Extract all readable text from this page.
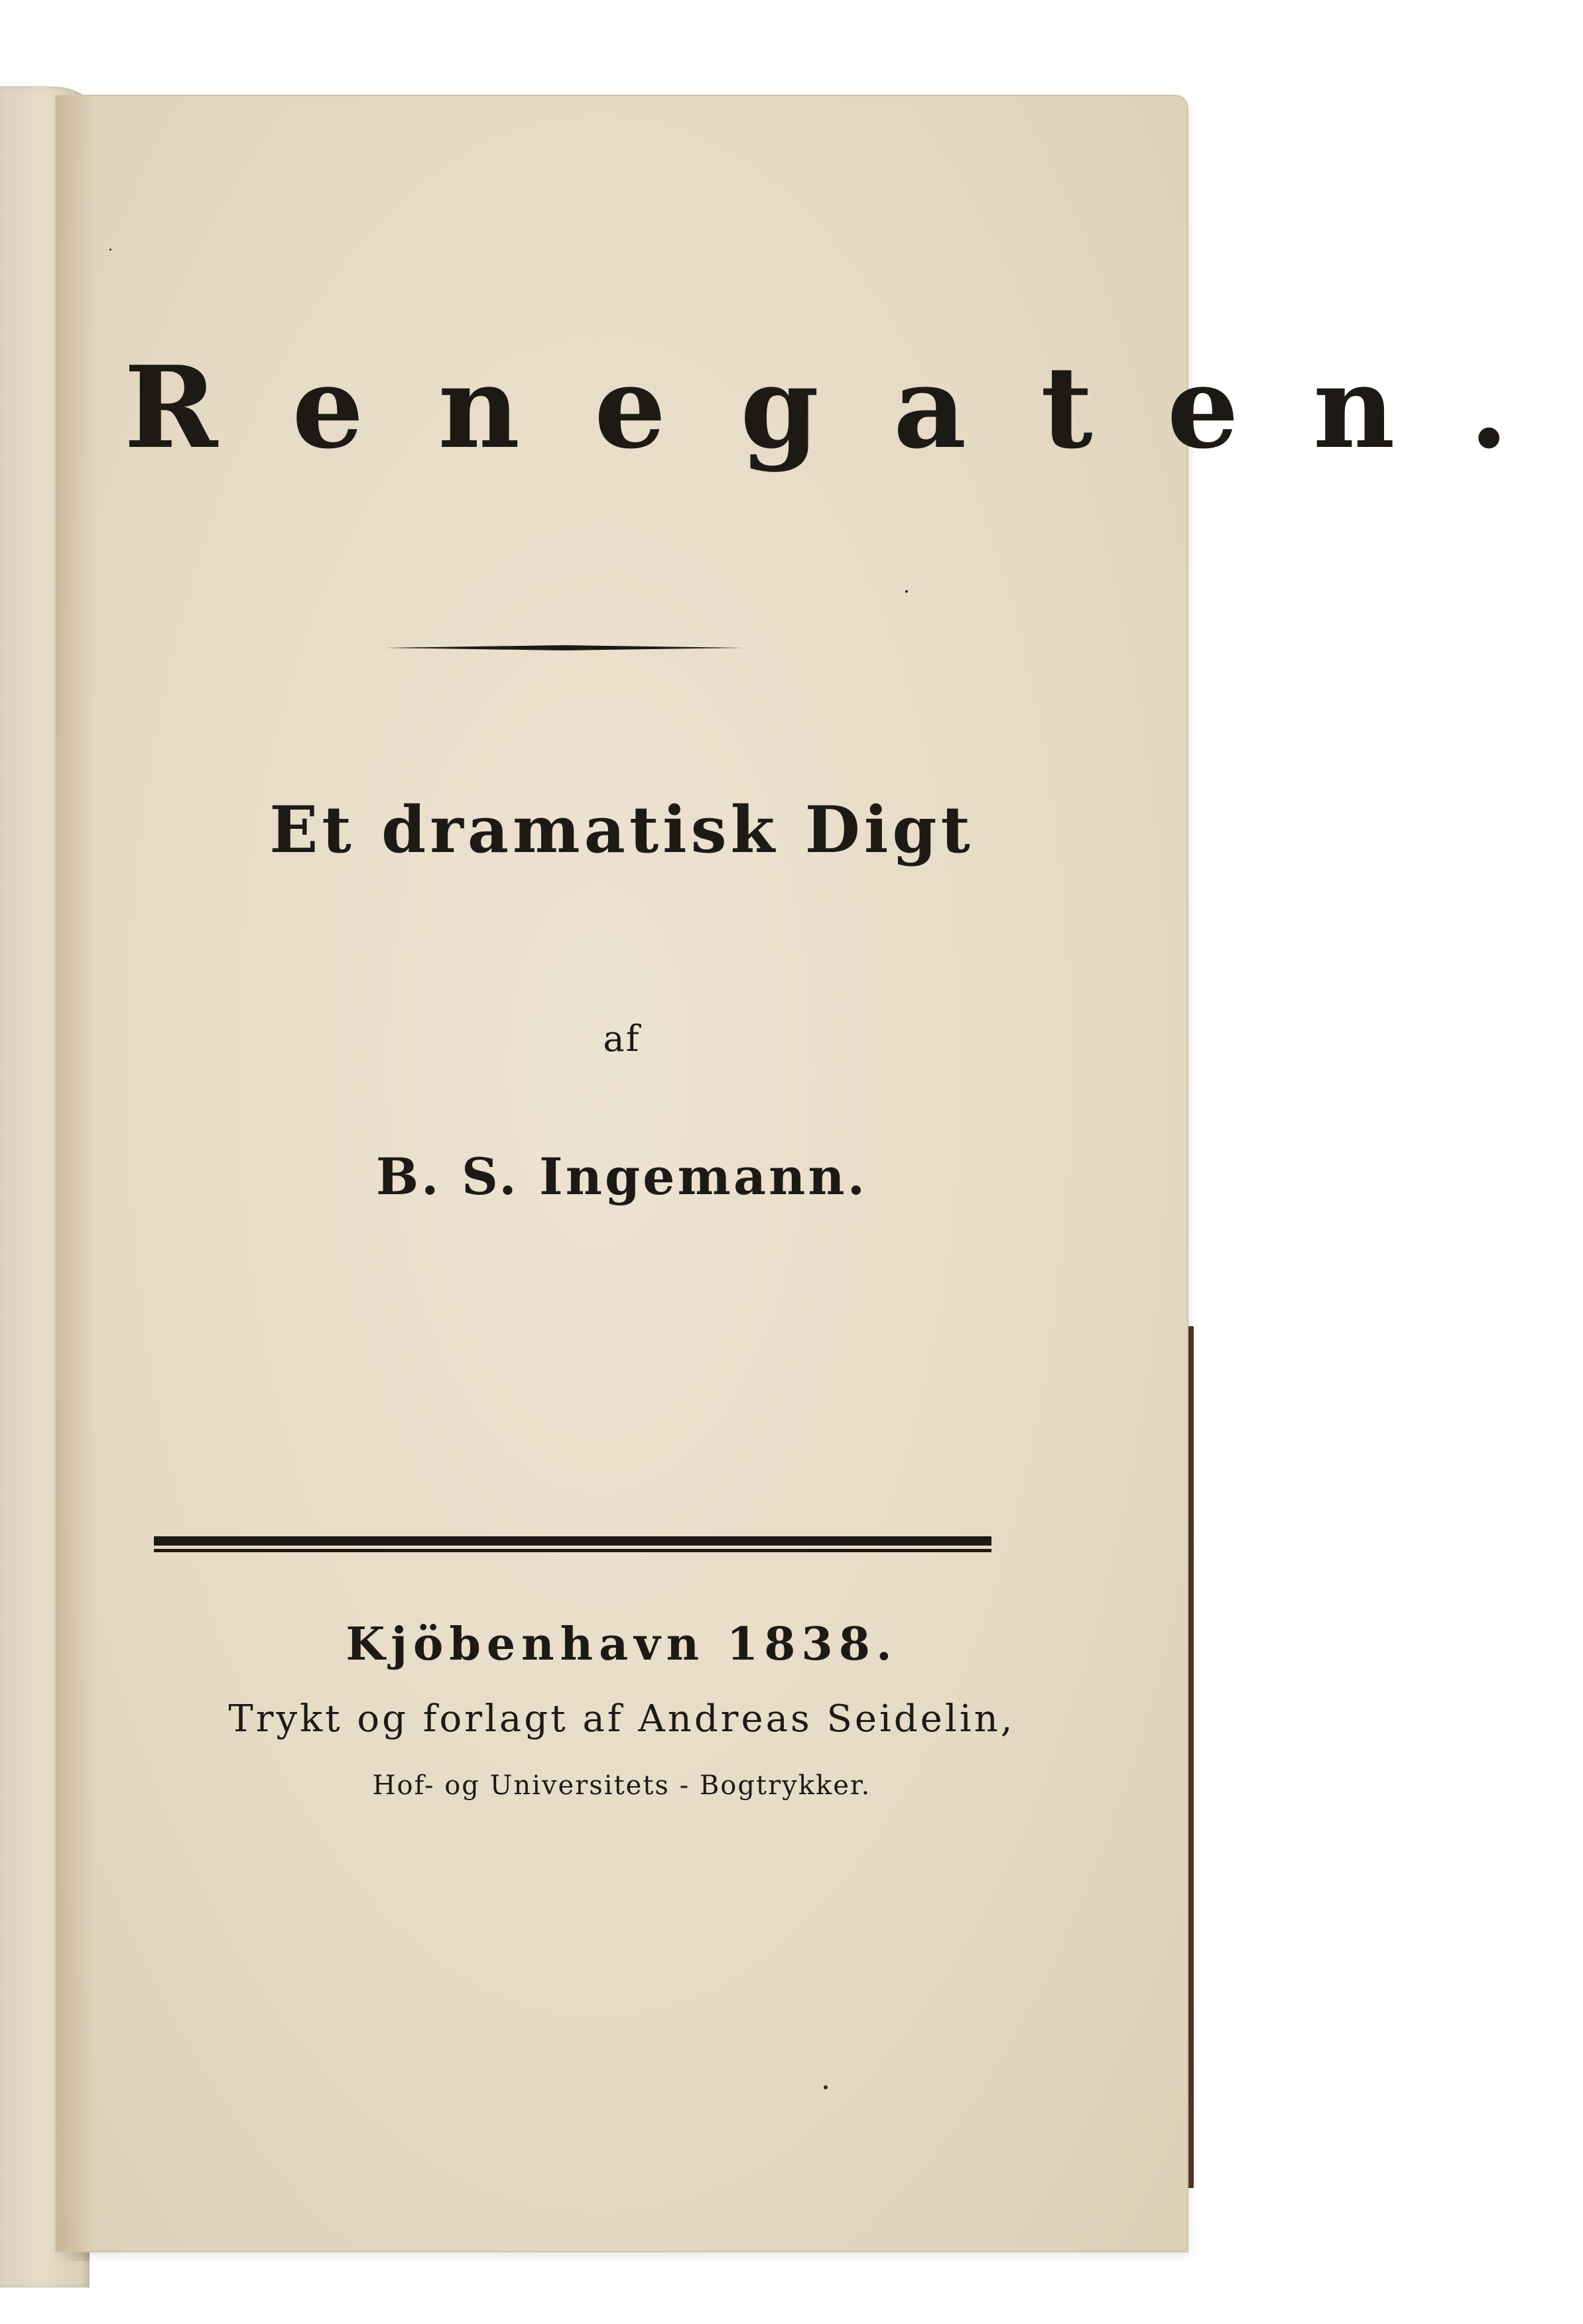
Renegaten.
Et dramatisk Digt
af
B. S. Ingemann.
Kjöbenhavn 1838.
Trykt og forlagt af Andreas Seidelin,
Hof- og Universitets - Bogtrykker.
